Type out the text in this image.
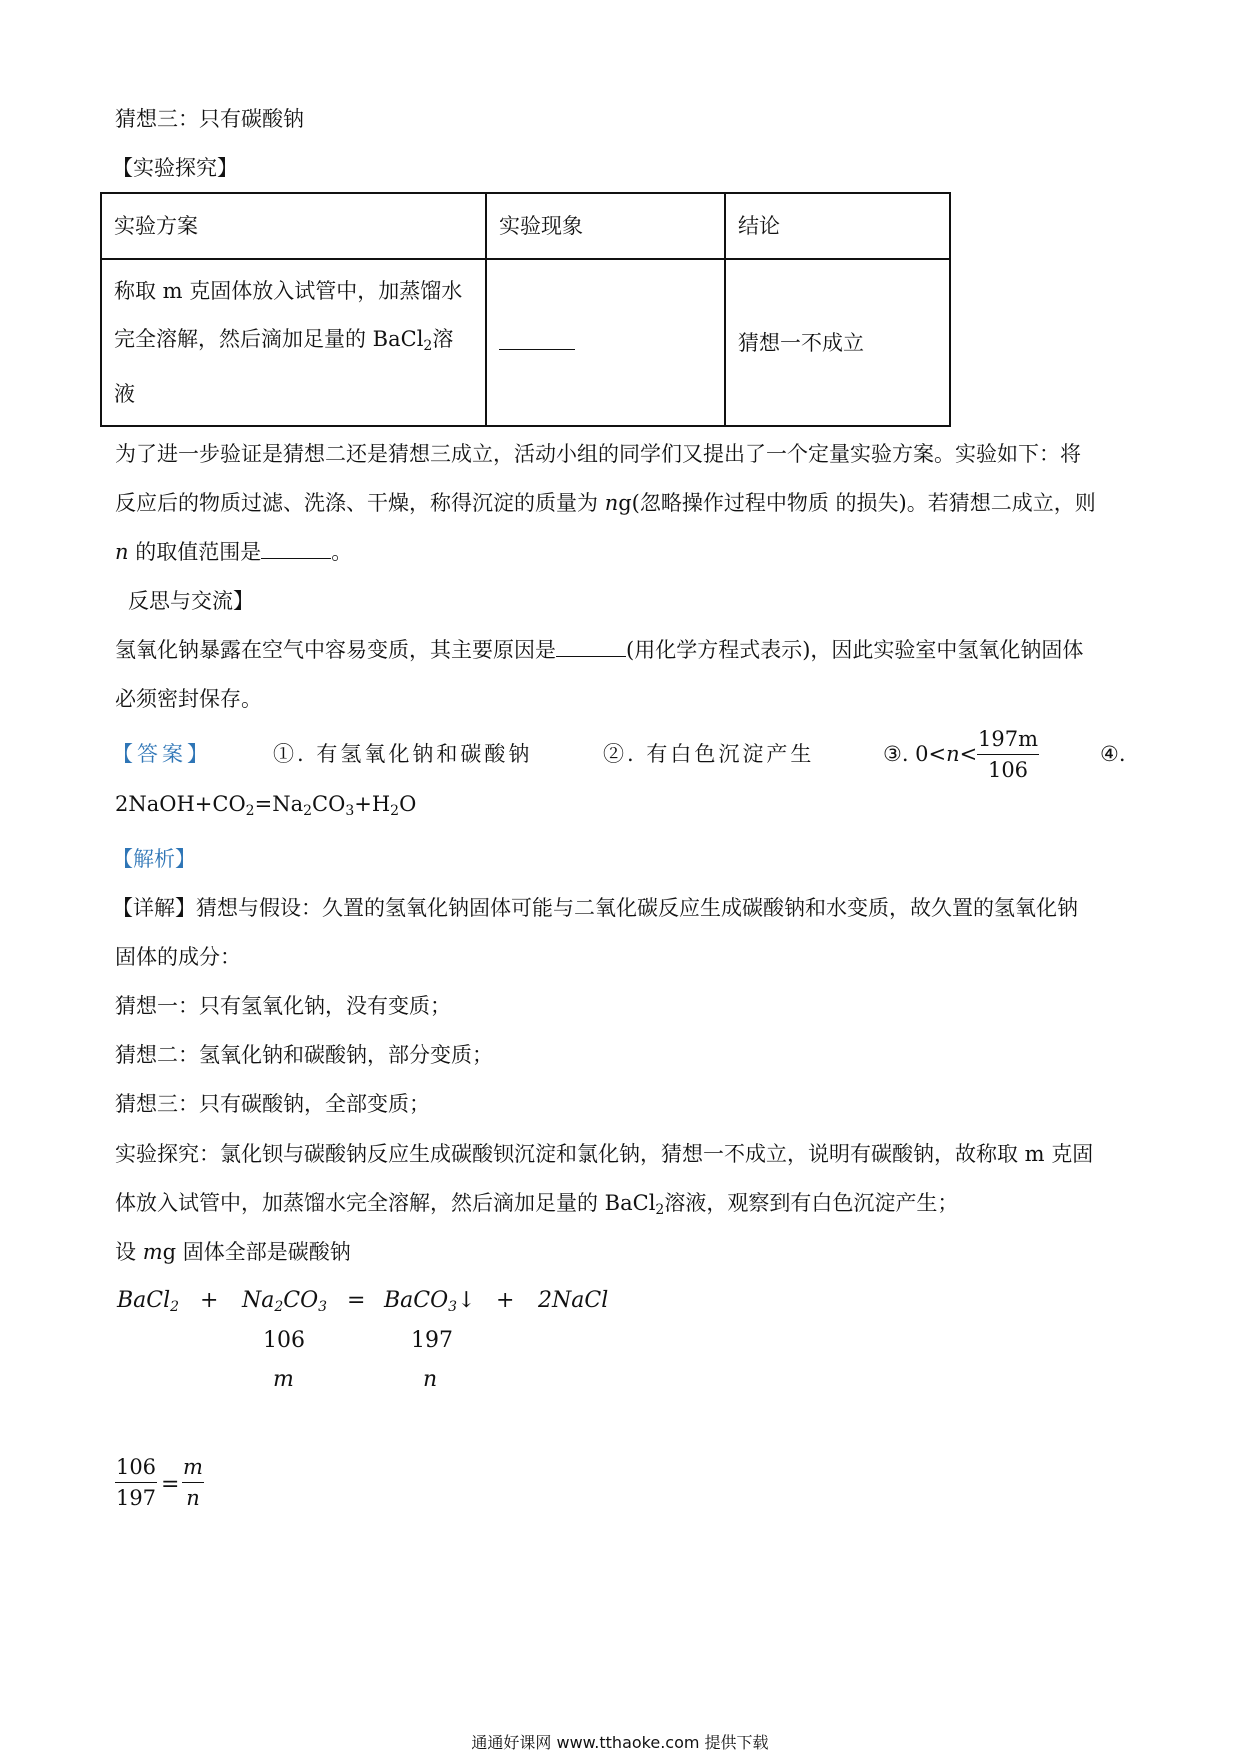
猜想三：只有碳酸钠
【实验探究】
实验方案	实验现象	结论

称取 m 克固体放入试管中，加蒸馏水
完全溶解，然后滴加足量的 BaCl$_2$溶液		猜想一不成立
为了进一步验证是猜想二还是猜想三成立，活动小组的同学们又提出了一个定量实验方案。实验如下：将
反应后的物质过滤、洗涤、干燥，称得沉淀的质量为 ng(忽略操作过程中物质 的损失)。若猜想二成立，则
n 的取值范围是	。
反思与交流】
氢氧化钠暴露在空气中容易变质，其主要原因是	(用化学方程式表示)，因此实验室中氢氧化钠固体
必须密封保存。
【答案】	①. 有氢氧化钠和碳酸钠	②. 有白色沉淀产生	③. 0<n<
197m
106
④.
$2NaOH+CO_2=Na_2CO_3+H_2O$
【解析】
【详解】猜想与假设：久置的氢氧化钠固体可能与二氧化碳反应生成碳酸钠和水变质，故久置的氢氧化钠
固体的成分：
猜想一：只有氢氧化钠，没有变质；
猜想二：氢氧化钠和碳酸钠，部分变质；
猜想三：只有碳酸钠，全部变质；
实验探究：氯化钡与碳酸钠反应生成碳酸钡沉淀和氯化钠，猜想一不成立，说明有碳酸钠，故称取 m 克固
体放入试管中，加蒸馏水完全溶解，然后滴加足量的 BaCl$_2$溶液，观察到有白色沉淀产生；
设 mg 固体全部是碳酸钠
BaCl$_2$ + $Na_2CO_3$ = BaCO$_3$↓ + 2NaCl
106	197
m	n
106
197
=
m
n
通通好课网 www.tthaoke.com 提供下载
